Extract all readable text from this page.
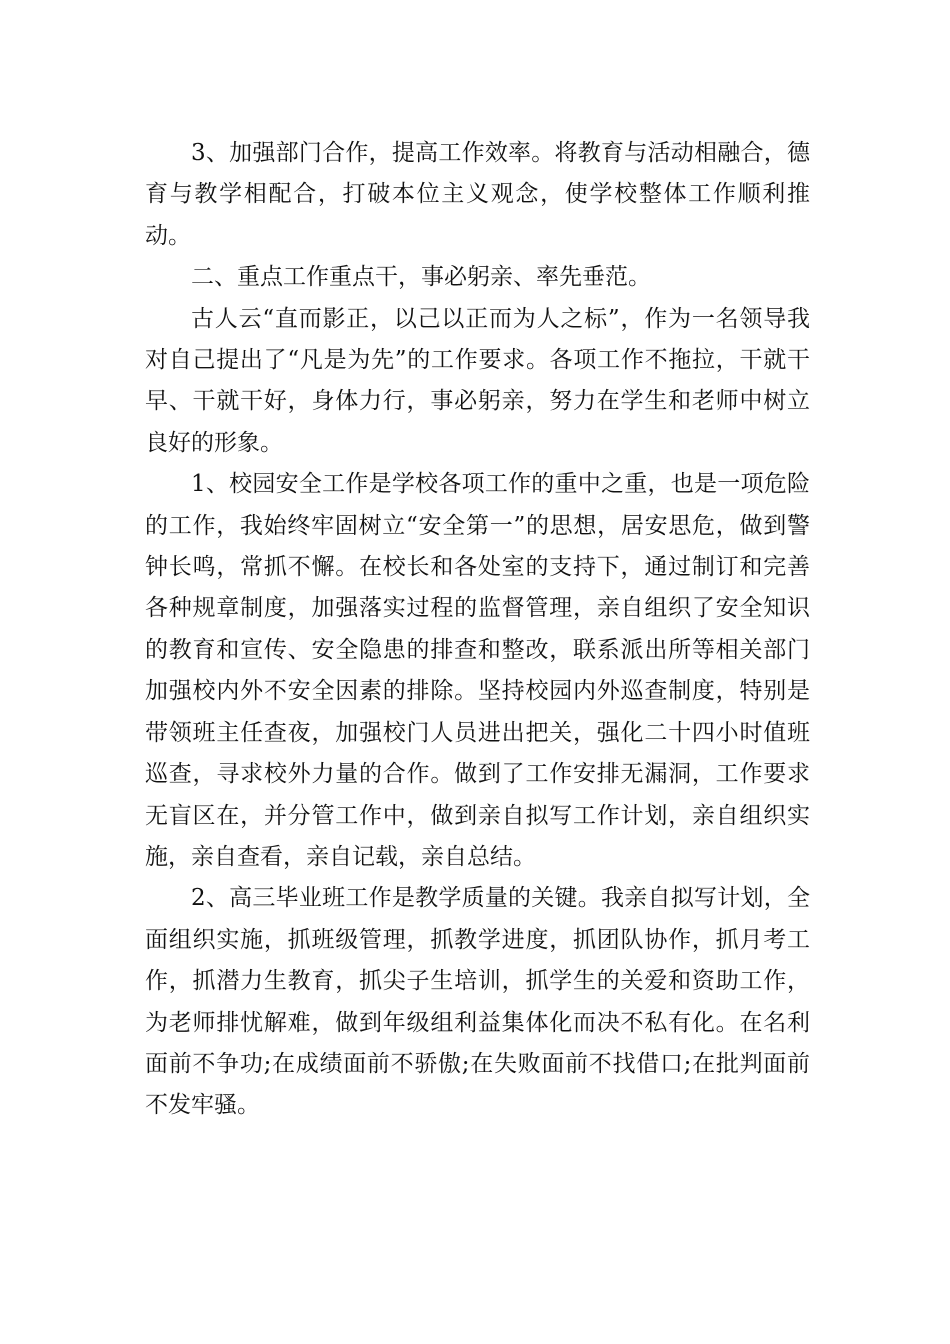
3、加强部门合作，提高工作效率。将教育与活动相融合，德育与教学相配合，打破本位主义观念，使学校整体工作顺利推动。

二、重点工作重点干，事必躬亲、率先垂范。

古人云“直而影正，以己以正而为人之标”，作为一名领导我对自己提出了“凡是为先”的工作要求。各项工作不拖拉，干就干早、干就干好，身体力行，事必躬亲，努力在学生和老师中树立良好的形象。

1、校园安全工作是学校各项工作的重中之重，也是一项危险的工作，我始终牢固树立“安全第一”的思想，居安思危，做到警钟长鸣，常抓不懈。在校长和各处室的支持下，通过制订和完善各种规章制度，加强落实过程的监督管理，亲自组织了安全知识的教育和宣传、安全隐患的排查和整改，联系派出所等相关部门加强校内外不安全因素的排除。坚持校园内外巡查制度，特别是带领班主任查夜，加强校门人员进出把关，强化二十四小时值班巡查，寻求校外力量的合作。做到了工作安排无漏洞，工作要求无盲区在，并分管工作中，做到亲自拟写工作计划，亲自组织实施，亲自查看，亲自记载，亲自总结。

2、高三毕业班工作是教学质量的关键。我亲自拟写计划，全面组织实施，抓班级管理，抓教学进度，抓团队协作，抓月考工作，抓潜力生教育，抓尖子生培训，抓学生的关爱和资助工作，为老师排忧解难，做到年级组利益集体化而决不私有化。在名利面前不争功;在成绩面前不骄傲;在失败面前不找借口;在批判面前不发牢骚。
